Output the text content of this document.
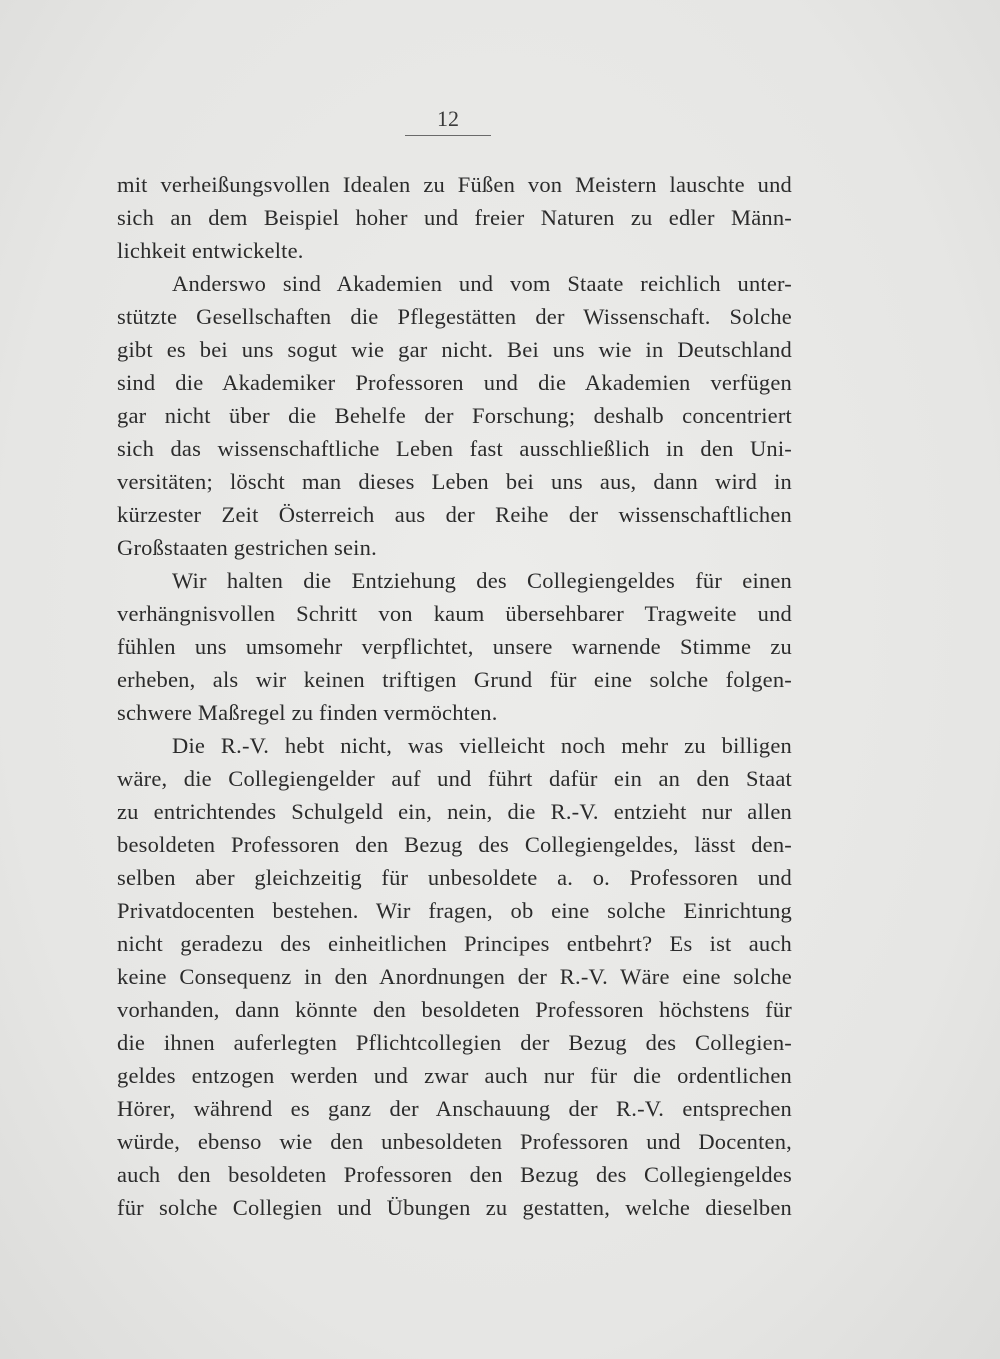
12
mit verheißungsvollen Idealen zu Füßen von Meistern lauschte und
sich an dem Beispiel hoher und freier Naturen zu edler Männ-
lichkeit entwickelte.
Anderswo sind Akademien und vom Staate reichlich unter-
stützte Gesellschaften die Pflegestätten der Wissenschaft. Solche
gibt es bei uns sogut wie gar nicht. Bei uns wie in Deutschland
sind die Akademiker Professoren und die Akademien verfügen
gar nicht über die Behelfe der Forschung; deshalb concentriert
sich das wissenschaftliche Leben fast ausschließlich in den Uni-
versitäten; löscht man dieses Leben bei uns aus, dann wird in
kürzester Zeit Österreich aus der Reihe der wissenschaftlichen
Großstaaten gestrichen sein.
Wir halten die Entziehung des Collegiengeldes für einen
verhängnisvollen Schritt von kaum übersehbarer Tragweite und
fühlen uns umsomehr verpflichtet, unsere warnende Stimme zu
erheben, als wir keinen triftigen Grund für eine solche folgen-
schwere Maßregel zu finden vermöchten.
Die R.-V. hebt nicht, was vielleicht noch mehr zu billigen
wäre, die Collegiengelder auf und führt dafür ein an den Staat
zu entrichtendes Schulgeld ein, nein, die R.-V. entzieht nur allen
besoldeten Professoren den Bezug des Collegiengeldes, lässt den-
selben aber gleichzeitig für unbesoldete a. o. Professoren und
Privatdocenten bestehen. Wir fragen, ob eine solche Einrichtung
nicht geradezu des einheitlichen Principes entbehrt? Es ist auch
keine Consequenz in den Anordnungen der R.-V. Wäre eine solche
vorhanden, dann könnte den besoldeten Professoren höchstens für
die ihnen auferlegten Pflichtcollegien der Bezug des Collegien-
geldes entzogen werden und zwar auch nur für die ordentlichen
Hörer, während es ganz der Anschauung der R.-V. entsprechen
würde, ebenso wie den unbesoldeten Professoren und Docenten,
auch den besoldeten Professoren den Bezug des Collegiengeldes
für solche Collegien und Übungen zu gestatten, welche dieselben
